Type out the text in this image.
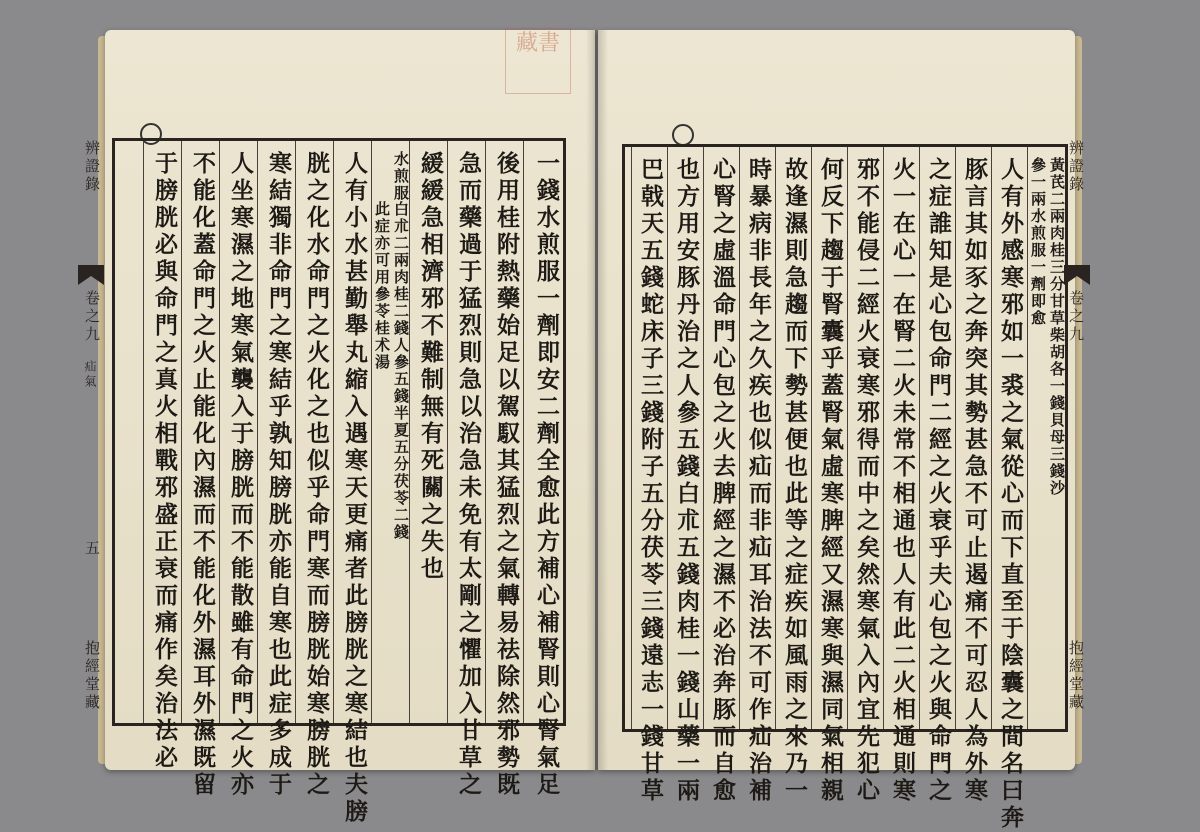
藏書
辨證錄
卷之九
疝氣
五
抱經堂藏	一錢水煎服一劑即安二劑全愈此方補心補腎則心腎氣足
後用桂附熱藥始足以駕馭其猛烈之氣轉易祛除然邪勢既
急而藥過于猛烈則急以治急未免有太剛之懼加入甘草之
緩緩急相濟邪不難制無有死關之失也
此症亦可用參苓桂术湯 白朮二兩肉桂二錢人參五錢半夏五分茯苓二錢
水煎服
人有小水甚勤舉丸縮入遇寒天更痛者此膀胱之寒結也夫膀
胱之化水命門之火化之也似乎命門寒而膀胱始寒膀胱之
寒結獨非命門之寒結乎孰知膀胱亦能自寒也此症多成于
人坐寒濕之地寒氣襲入于膀胱而不能散雖有命門之火亦
不能化蓋命門之火止能化內濕而不能化外濕耳外濕既留
于膀胱必與命門之真火相戰邪盛正衰而痛作矣治法必	辨證錄
卷之九
抱經堂藏
黃芪二兩肉桂三分甘草柴胡各一錢貝母三錢沙
參一兩水煎服一劑即愈
人有外感寒邪如一裘之氣從心而下直至于陰囊之間名曰奔
豚言其如豕之奔突其勢甚急不可止遏痛不可忍人為外寒
之症誰知是心包命門二經之火衰乎夫心包之火與命門之
火一在心一在腎二火未常不相通也人有此二火相通則寒
邪不能侵二經火衰寒邪得而中之矣然寒氣入內宜先犯心
何反下趨于腎囊乎蓋腎氣虛寒脾經又濕寒與濕同氣相親
故逢濕則急趨而下勢甚便也此等之症疾如風雨之來乃一
時暴病非長年之久疾也似疝而非疝耳治法不可作疝治補
心腎之虛溫命門心包之火去脾經之濕不必治奔豚而自愈
也方用安豚丹治之人參五錢白朮五錢肉桂一錢山藥一兩
巴戟天五錢蛇床子三錢附子五分茯苓三錢遠志一錢甘草
